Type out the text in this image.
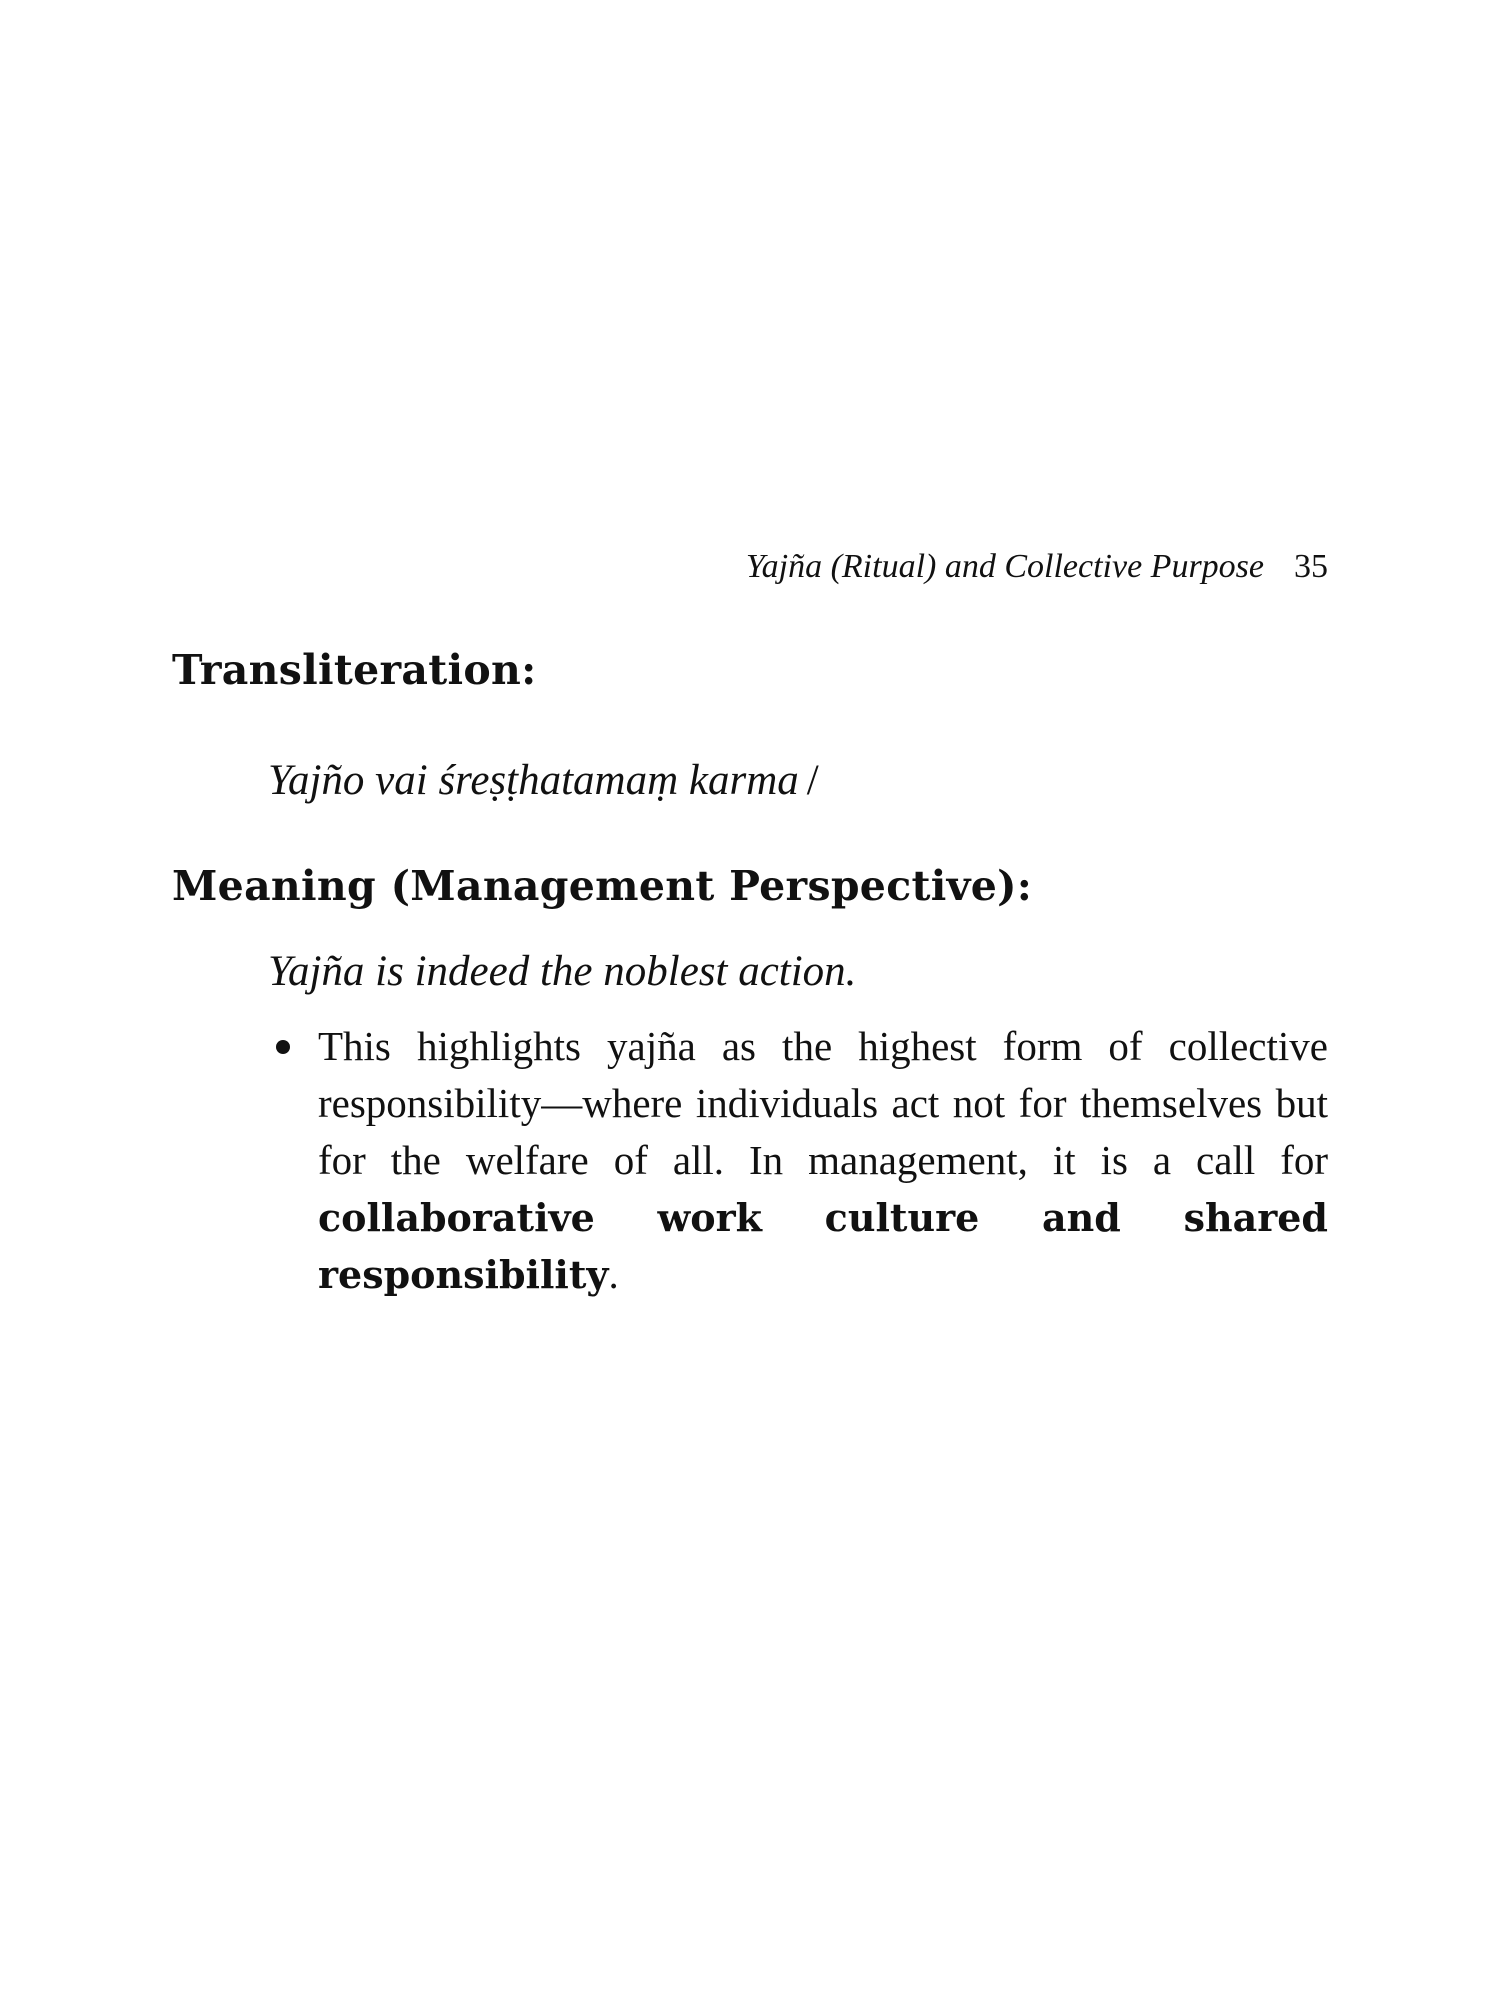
Yajña (Ritual) and Collective Purpose 35
Transliteration:
Yajño vai śreṣṭhatamaṃ karma /
Meaning (Management Perspective):
Yajña is indeed the noblest action.
This highlights yajña as the highest form of collective responsibility—where individuals act not for themselves but for the welfare of all. In management, it is a call for collaborative work culture and shared responsibility.
